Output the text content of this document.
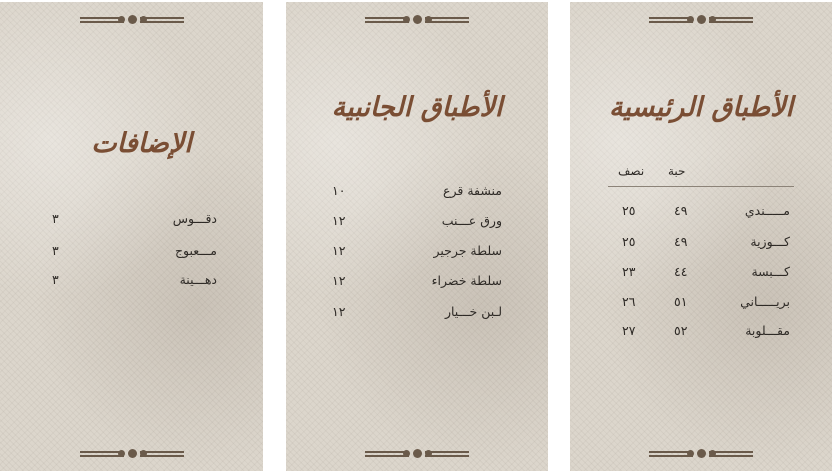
الإضافات
دقـــوس
٣
مـــعبوج
٣
دهـــينة
٣
الأطباق الجانبية
منشفة قرع
١٠
ورق عـــنب
١٢
سلطة جرجير
١٢
سلطة خضراء
١٢
لـبن خـــيار
١٢
الأطباق الرئيسية
نصف حبة
مـــــندي
٤٩
٢٥
كـــوزية
٤٩
٢٥
كـــبسة
٤٤
٢٣
بريـــــاني
٥١
٢٦
مقـــلوبة
٥٢
٢٧
